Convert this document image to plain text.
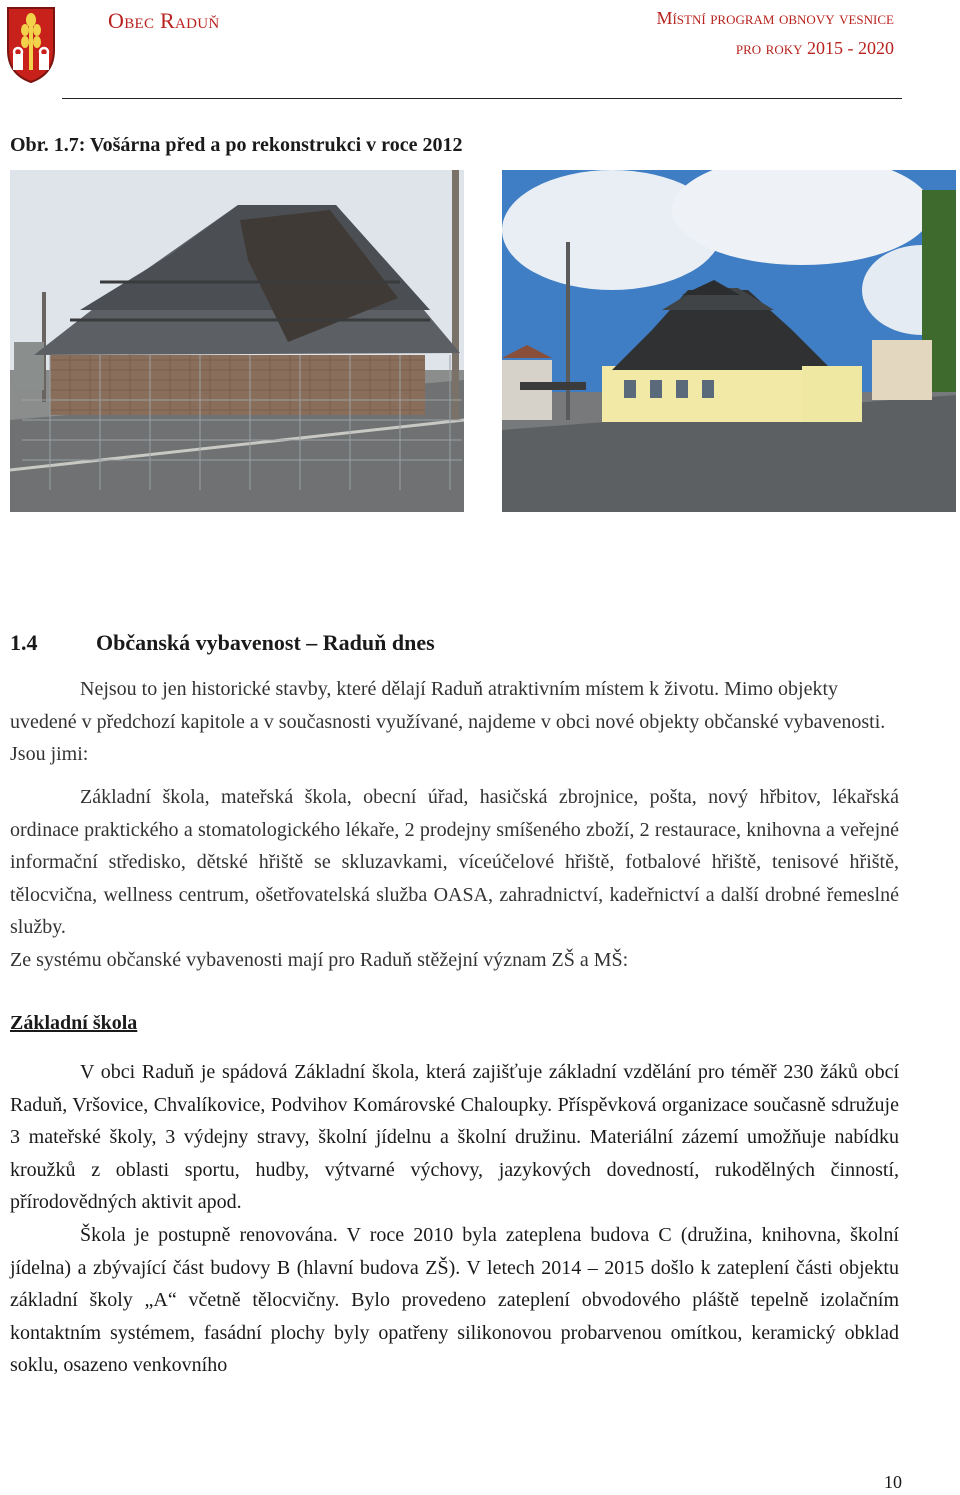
Obec Raduň	Místní program obnovy vesnice
pro roky 2015 - 2020
Obr. 1.7: Vošárna před a po rekonstrukci v roce 2012
1.4	Občanská vybavenost – Raduň dnes

Nejsou to jen historické stavby, které dělají Raduň atraktivním místem k životu. Mimo objekty uvedené v předchozí kapitole a v současnosti využívané, najdeme v obci nové objekty občanské vybavenosti. Jsou jimi:

Základní škola, mateřská škola, obecní úřad, hasičská zbrojnice, pošta, nový hřbitov, lékařská ordinace praktického a stomatologického lékaře, 2 prodejny smíšeného zboží, 2 restaurace, knihovna a veřejné informační středisko, dětské hřiště se skluzavkami, víceúčelové hřiště, fotbalové hřiště, tenisové hřiště, tělocvična, wellness centrum, ošetřovatelská služba OASA, zahradnictví, kadeřnictví a další drobné řemeslné služby.

Ze systému občanské vybavenosti mají pro Raduň stěžejní význam ZŠ a MŠ:

Základní škola

V obci Raduň je spádová Základní škola, která zajišťuje základní vzdělání pro téměř 230 žáků obcí Raduň, Vršovice, Chvalíkovice, Podvihov Komárovské Chaloupky. Příspěvková organizace současně sdružuje 3 mateřské školy, 3 výdejny stravy, školní jídelnu a školní družinu. Materiální zázemí umožňuje nabídku kroužků z oblasti sportu, hudby, výtvarné výchovy, jazykových dovedností, rukodělných činností, přírodovědných aktivit apod.

Škola je postupně renovována. V roce 2010 byla zateplena budova C (družina, knihovna, školní jídelna) a zbývající část budovy B (hlavní budova ZŠ). V letech 2014 – 2015 došlo k zateplení části objektu základní školy „A“ včetně tělocvičny. Bylo provedeno zateplení obvodového pláště tepelně izolačním kontaktním systémem, fasádní plochy byly opatřeny silikonovou probarvenou omítkou, keramický obklad soklu, osazeno venkovního

10
